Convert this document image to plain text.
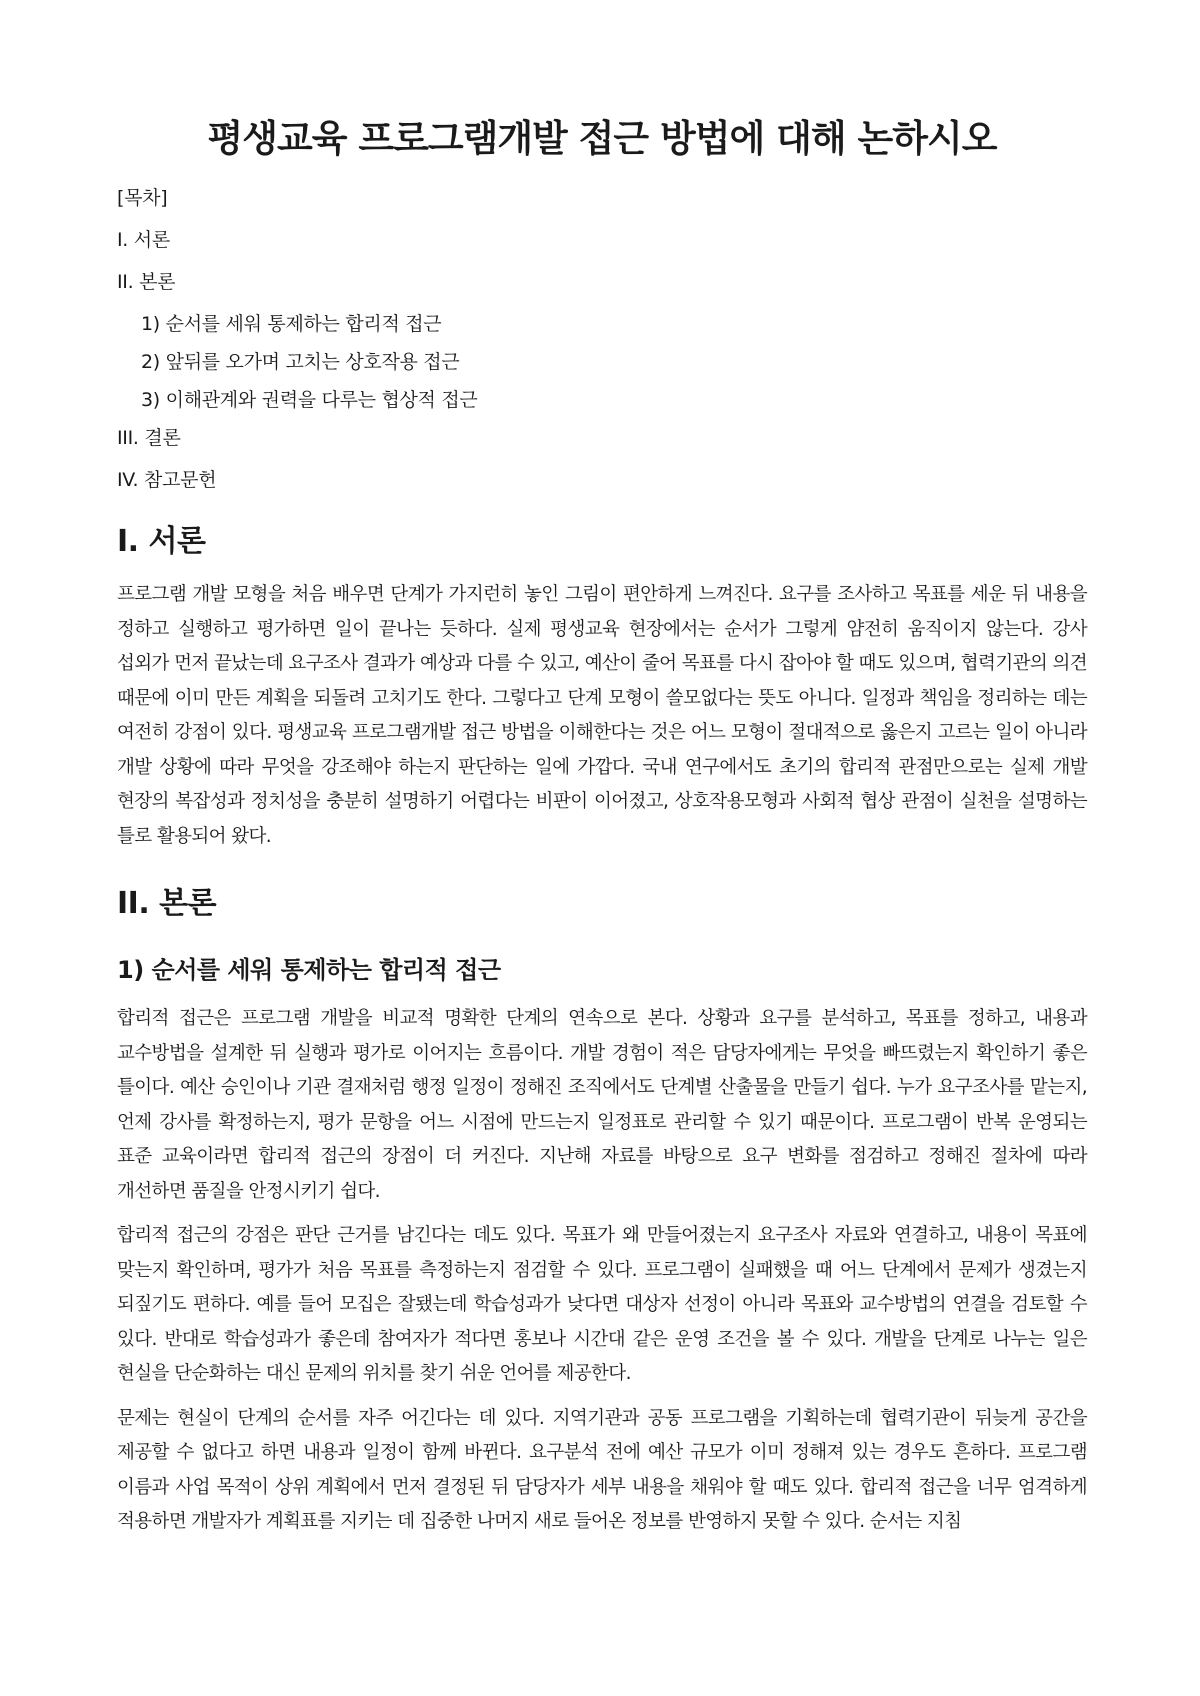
평생교육 프로그램개발 접근 방법에 대해 논하시오
[목차]
I. 서론
II. 본론
1) 순서를 세워 통제하는 합리적 접근
2) 앞뒤를 오가며 고치는 상호작용 접근
3) 이해관계와 권력을 다루는 협상적 접근
III. 결론
IV. 참고문헌
I. 서론

프로그램 개발 모형을 처음 배우면 단계가 가지런히 놓인 그림이 편안하게 느껴진다. 요구를 조사하고 목표를 세운 뒤 내용을 정하고 실행하고 평가하면 일이 끝나는 듯하다. 실제 평생교육 현장에서는 순서가 그렇게 얌전히 움직이지 않는다. 강사 섭외가 먼저 끝났는데 요구조사 결과가 예상과 다를 수 있고, 예산이 줄어 목표를 다시 잡아야 할 때도 있으며, 협력기관의 의견 때문에 이미 만든 계획을 되돌려 고치기도 한다. 그렇다고 단계 모형이 쓸모없다는 뜻도 아니다. 일정과 책임을 정리하는 데는 여전히 강점이 있다. 평생교육 프로그램개발 접근 방법을 이해한다는 것은 어느 모형이 절대적으로 옳은지 고르는 일이 아니라 개발 상황에 따라 무엇을 강조해야 하는지 판단하는 일에 가깝다. 국내 연구에서도 초기의 합리적 관점만으로는 실제 개발 현장의 복잡성과 정치성을 충분히 설명하기 어렵다는 비판이 이어졌고, 상호작용모형과 사회적 협상 관점이 실천을 설명하는 틀로 활용되어 왔다.

II. 본론
1) 순서를 세워 통제하는 합리적 접근

합리적 접근은 프로그램 개발을 비교적 명확한 단계의 연속으로 본다. 상황과 요구를 분석하고, 목표를 정하고, 내용과 교수방법을 설계한 뒤 실행과 평가로 이어지는 흐름이다. 개발 경험이 적은 담당자에게는 무엇을 빠뜨렸는지 확인하기 좋은 틀이다. 예산 승인이나 기관 결재처럼 행정 일정이 정해진 조직에서도 단계별 산출물을 만들기 쉽다. 누가 요구조사를 맡는지, 언제 강사를 확정하는지, 평가 문항을 어느 시점에 만드는지 일정표로 관리할 수 있기 때문이다. 프로그램이 반복 운영되는 표준 교육이라면 합리적 접근의 장점이 더 커진다. 지난해 자료를 바탕으로 요구 변화를 점검하고 정해진 절차에 따라 개선하면 품질을 안정시키기 쉽다.

합리적 접근의 강점은 판단 근거를 남긴다는 데도 있다. 목표가 왜 만들어졌는지 요구조사 자료와 연결하고, 내용이 목표에 맞는지 확인하며, 평가가 처음 목표를 측정하는지 점검할 수 있다. 프로그램이 실패했을 때 어느 단계에서 문제가 생겼는지 되짚기도 편하다. 예를 들어 모집은 잘됐는데 학습성과가 낮다면 대상자 선정이 아니라 목표와 교수방법의 연결을 검토할 수 있다. 반대로 학습성과가 좋은데 참여자가 적다면 홍보나 시간대 같은 운영 조건을 볼 수 있다. 개발을 단계로 나누는 일은 현실을 단순화하는 대신 문제의 위치를 찾기 쉬운 언어를 제공한다.

문제는 현실이 단계의 순서를 자주 어긴다는 데 있다. 지역기관과 공동 프로그램을 기획하는데 협력기관이 뒤늦게 공간을 제공할 수 없다고 하면 내용과 일정이 함께 바뀐다. 요구분석 전에 예산 규모가 이미 정해져 있는 경우도 흔하다. 프로그램 이름과 사업 목적이 상위 계획에서 먼저 결정된 뒤 담당자가 세부 내용을 채워야 할 때도 있다. 합리적 접근을 너무 엄격하게 적용하면 개발자가 계획표를 지키는 데 집중한 나머지 새로 들어온 정보를 반영하지 못할 수 있다. 순서는 지침
